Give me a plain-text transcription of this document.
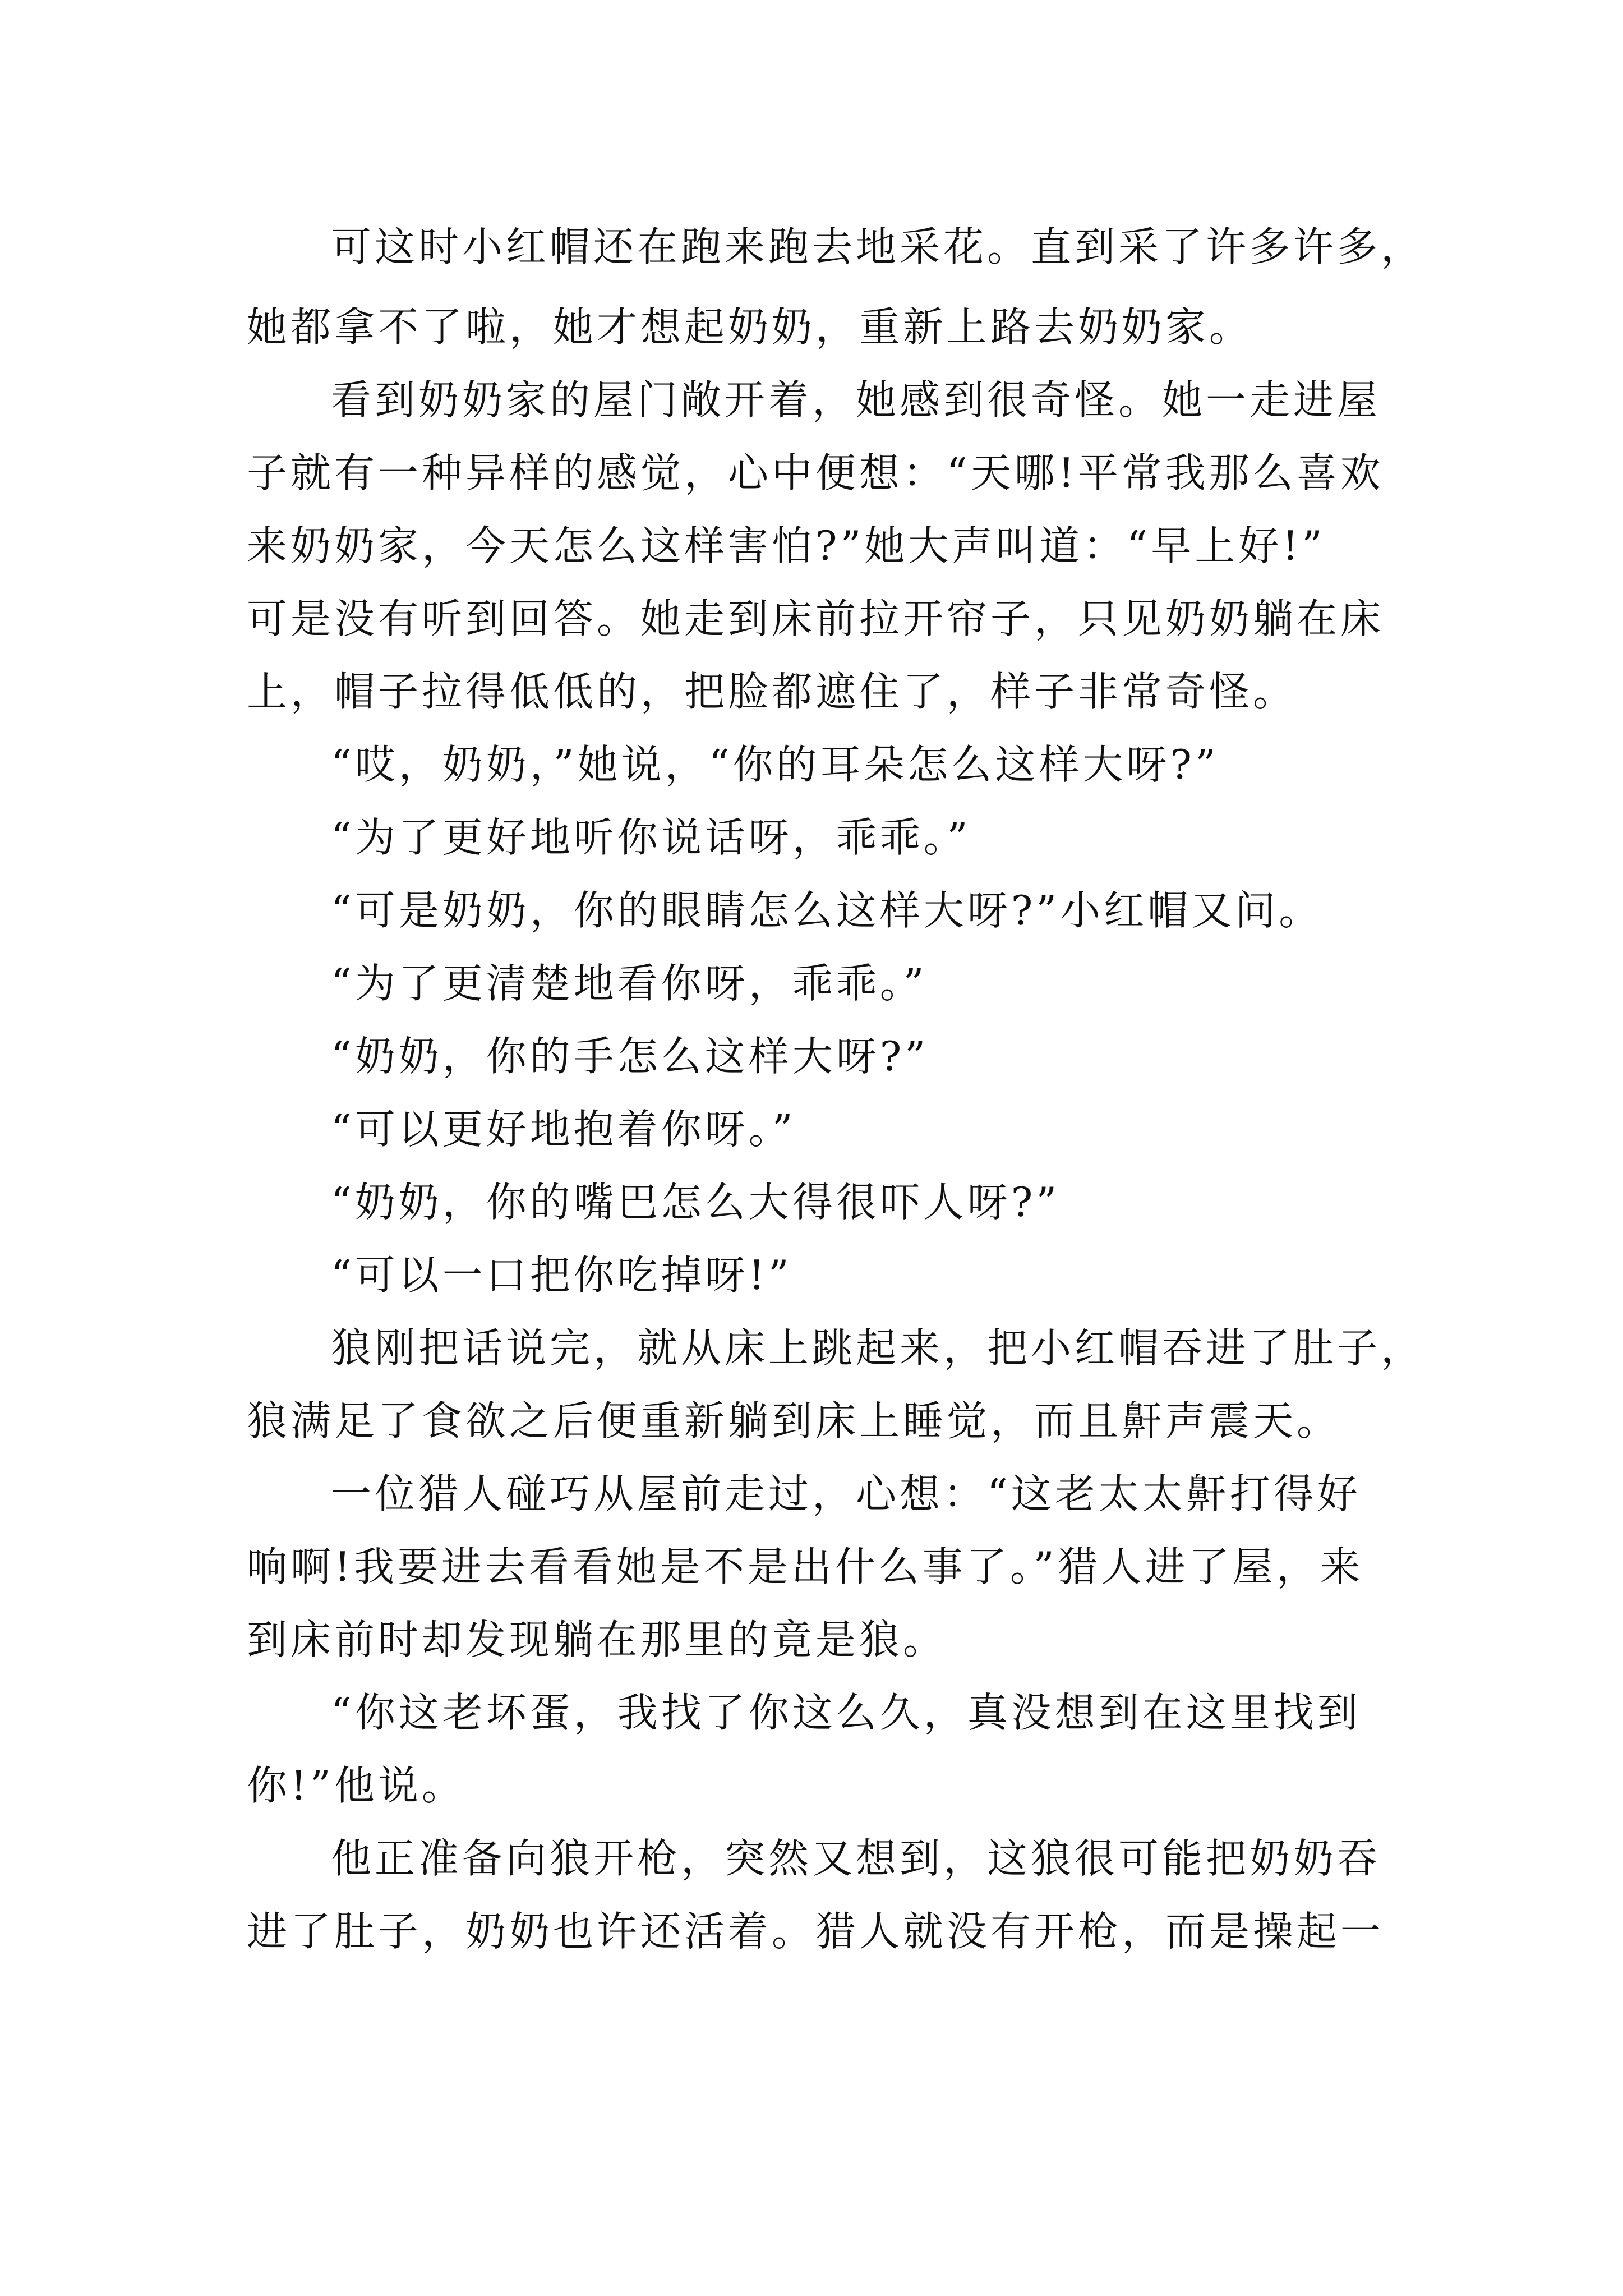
可这时小红帽还在跑来跑去地采花。直到采了许多许多，
她都拿不了啦，她才想起奶奶，重新上路去奶奶家。
看到奶奶家的屋门敞开着，她感到很奇怪。她一走进屋
子就有一种异样的感觉，心中便想：“天哪!平常我那么喜欢
来奶奶家，今天怎么这样害怕?”她大声叫道：“早上好!”
可是没有听到回答。她走到床前拉开帘子，只见奶奶躺在床
上，帽子拉得低低的，把脸都遮住了，样子非常奇怪。
“哎，奶奶，”她说，“你的耳朵怎么这样大呀?”
“为了更好地听你说话呀，乖乖。”
“可是奶奶，你的眼睛怎么这样大呀?”小红帽又问。
“为了更清楚地看你呀，乖乖。”
“奶奶，你的手怎么这样大呀?”
“可以更好地抱着你呀。”
“奶奶，你的嘴巴怎么大得很吓人呀?”
“可以一口把你吃掉呀!”
狼刚把话说完，就从床上跳起来，把小红帽吞进了肚子，
狼满足了食欲之后便重新躺到床上睡觉，而且鼾声震天。
一位猎人碰巧从屋前走过，心想：“这老太太鼾打得好
响啊!我要进去看看她是不是出什么事了。”猎人进了屋，来
到床前时却发现躺在那里的竟是狼。
“你这老坏蛋，我找了你这么久，真没想到在这里找到
你!”他说。
他正准备向狼开枪，突然又想到，这狼很可能把奶奶吞
进了肚子，奶奶也许还活着。猎人就没有开枪，而是操起一
